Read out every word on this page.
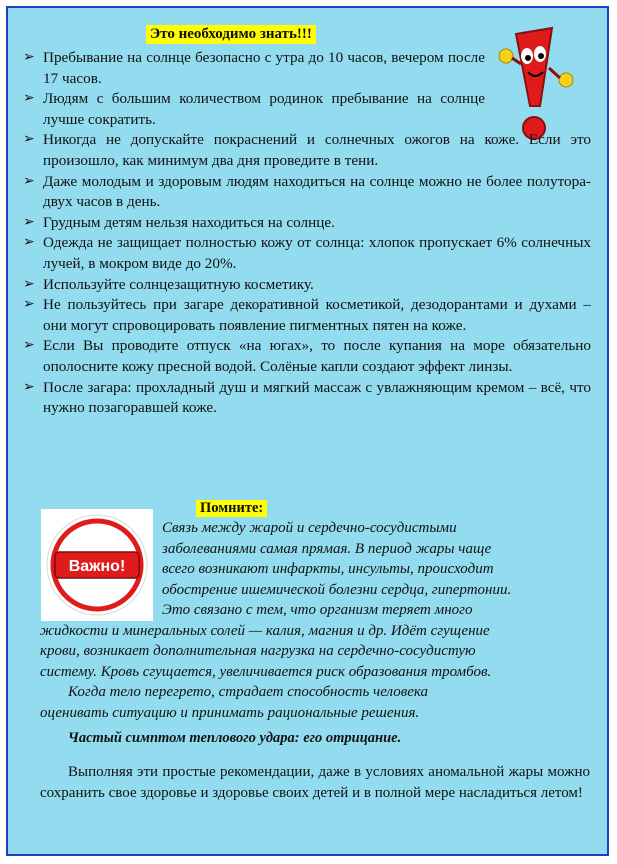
Это необходимо знать!!!
➢ Пребывание на солнце безопасно с утра до 10 часов, вечером после 17 часов.
➢ Людям с большим количеством родинок пребывание на солнце лучше сократить.
➢ Никогда не допускайте покраснений и солнечных ожогов на коже. Если это произошло, как минимум два дня проведите в тени.
➢ Даже молодым и здоровым людям находиться на солнце можно не более полутора-двух часов в день.
➢ Грудным детям нельзя находиться на солнце.
➢ Одежда не защищает полностью кожу от солнца: хлопок пропускает 6% солнечных лучей, в мокром виде до 20%.
➢ Используйте солнцезащитную косметику.
➢ Не пользуйтесь при загаре декоративной косметикой, дезодорантами и духами – они могут спровоцировать появление пигментных пятен на коже.
➢ Если Вы проводите отпуск «на югах», то после купания на море обязательно ополосните кожу пресной водой. Солёные капли создают эффект линзы.
➢ После загара: прохладный душ и мягкий массаж с увлажняющим кремом – всё, что нужно позагоравшей коже.
Помните:
Важно!
Связь между жарой и сердечно-сосудистыми
заболеваниями самая прямая. В период жары чаще
всего возникают инфаркты, инсульты, происходит
обострение ишемической болезни сердца, гипертонии.
Это связано с тем, что организм теряет много
жидкости и минеральных солей — калия, магния и др. Идёт сгущение
крови, возникает дополнительная нагрузка на сердечно-сосудистую
систему. Кровь сгущается, увеличивается риск образования тромбов.
Когда тело перегрето, страдает способность человека
оценивать ситуацию и принимать рациональные решения.
Частый симптом теплового удара: его отрицание.
Выполняя эти простые рекомендации, даже в условиях аномальной жары можно сохранить свое здоровье и здоровье своих детей и в полной мере насладиться летом!
